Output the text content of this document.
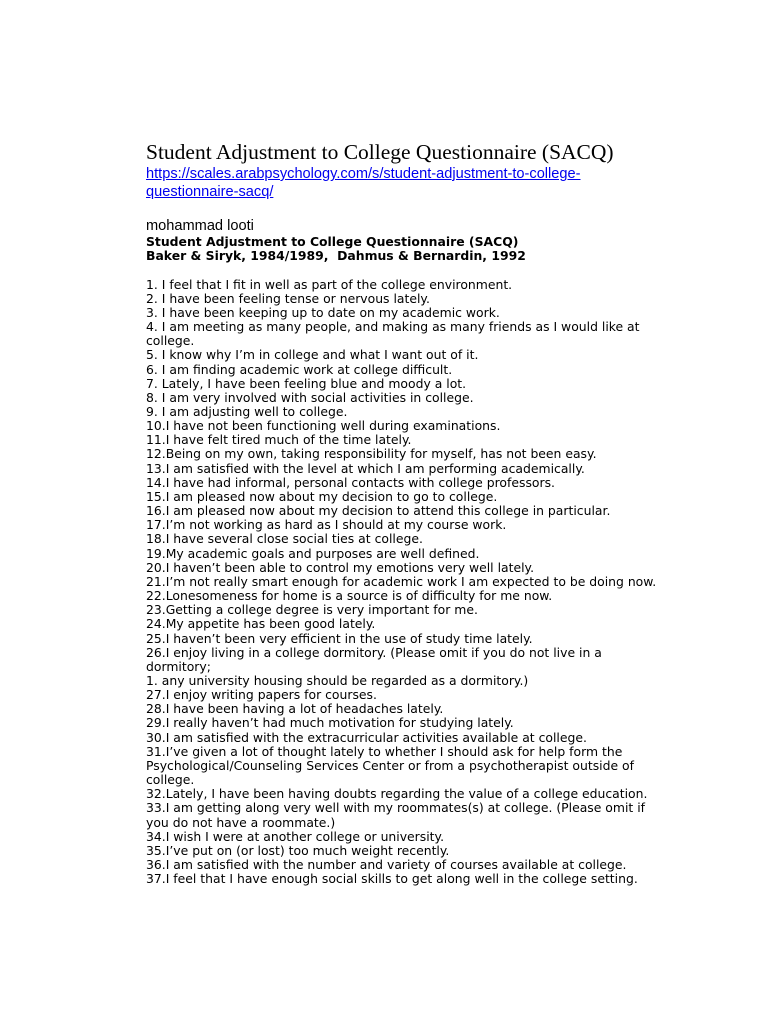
Student Adjustment to College Questionnaire (SACQ)
https://scales.arabpsychology.com/s/student-adjustment-to-college-questionnaire-sacq/
mohammad looti
Student Adjustment to College Questionnaire (SACQ)
Baker & Siryk, 1984/1989,  Dahmus & Bernardin, 1992
1. I feel that I fit in well as part of the college environment.
2. I have been feeling tense or nervous lately.
3. I have been keeping up to date on my academic work.
4. I am meeting as many people, and making as many friends as I would like at college.
5. I know why I’m in college and what I want out of it.
6. I am finding academic work at college difficult.
7. Lately, I have been feeling blue and moody a lot.
8. I am very involved with social activities in college.
9. I am adjusting well to college.
10.I have not been functioning well during examinations.
11.I have felt tired much of the time lately.
12.Being on my own, taking responsibility for myself, has not been easy.
13.I am satisfied with the level at which I am performing academically.
14.I have had informal, personal contacts with college professors.
15.I am pleased now about my decision to go to college.
16.I am pleased now about my decision to attend this college in particular.
17.I’m not working as hard as I should at my course work.
18.I have several close social ties at college.
19.My academic goals and purposes are well defined.
20.I haven’t been able to control my emotions very well lately.
21.I’m not really smart enough for academic work I am expected to be doing now.
22.Lonesomeness for home is a source is of difficulty for me now.
23.Getting a college degree is very important for me.
24.My appetite has been good lately.
25.I haven’t been very efficient in the use of study time lately.
26.I enjoy living in a college dormitory. (Please omit if you do not live in a dormitory;
1. any university housing should be regarded as a dormitory.)
27.I enjoy writing papers for courses.
28.I have been having a lot of headaches lately.
29.I really haven’t had much motivation for studying lately.
30.I am satisfied with the extracurricular activities available at college.
31.I’ve given a lot of thought lately to whether I should ask for help form the Psychological/Counseling Services Center or from a psychotherapist outside of college.
32.Lately, I have been having doubts regarding the value of a college education.
33.I am getting along very well with my roommates(s) at college. (Please omit if you do not have a roommate.)
34.I wish I were at another college or university.
35.I’ve put on (or lost) too much weight recently.
36.I am satisfied with the number and variety of courses available at college.
37.I feel that I have enough social skills to get along well in the college setting.
